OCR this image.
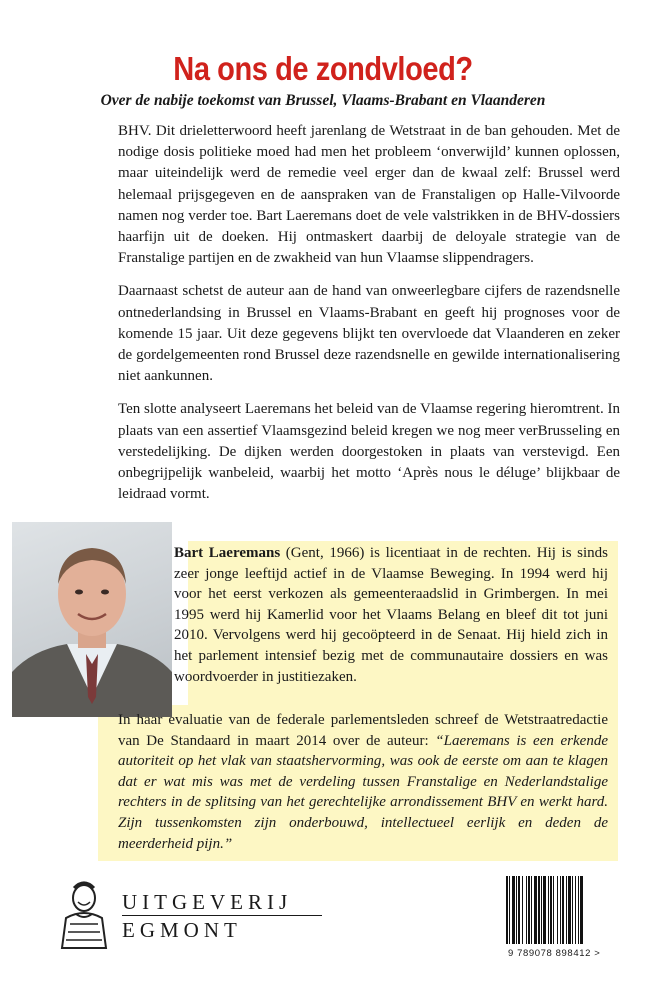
Na ons de zondvloed?
Over de nabije toekomst van Brussel, Vlaams-Brabant en Vlaanderen

BHV. Dit drieletterwoord heeft jarenlang de Wetstraat in de ban gehouden. Met de nodige dosis politieke moed had men het probleem ‘onverwijld’ kunnen oplossen, maar uiteindelijk werd de remedie veel erger dan de kwaal zelf: Brussel werd helemaal prijsgegeven en de aanspraken van de Franstaligen op Halle-Vilvoorde namen nog verder toe. Bart Laeremans doet de vele valstrikken in de BHV-dossiers haarfijn uit de doeken. Hij ontmaskert daarbij de deloyale strategie van de Franstalige partijen en de zwakheid van hun Vlaamse slippendragers.

Daarnaast schetst de auteur aan de hand van onweerlegbare cijfers de razendsnelle ontnederlandsing in Brussel en Vlaams-Brabant en geeft hij prognoses voor de komende 15 jaar. Uit deze gegevens blijkt ten overvloede dat Vlaanderen en zeker de gordelgemeenten rond Brussel deze razendsnelle en gewilde internationalisering niet aankunnen.

Ten slotte analyseert Laeremans het beleid van de Vlaamse regering hieromtrent. In plaats van een assertief Vlaamsgezind beleid kregen we nog meer verBrusseling en verstedelijking. De dijken werden doorgestoken in plaats van verstevigd. Een onbegrijpelijk wanbeleid, waarbij het motto ‘Après nous le déluge’ blijkbaar de leidraad vormt.

Bart Laeremans (Gent, 1966) is licentiaat in de rechten. Hij is sinds zeer jonge leeftijd actief in de Vlaamse Beweging. In 1994 werd hij voor het eerst verkozen als gemeenteraadslid in Grimbergen. In mei 1995 werd hij Kamerlid voor het Vlaams Belang en bleef dit tot juni 2010. Vervolgens werd hij gecoöpteerd in de Senaat. Hij hield zich in het parlement intensief bezig met de communautaire dossiers en was woordvoerder in justitiezaken.
In haar evaluatie van de federale parlementsleden schreef de Wetstraatredactie van De Standaard in maart 2014 over de auteur: “Laeremans is een erkende autoriteit op het vlak van staatshervorming, was ook de eerste om aan te klagen dat er wat mis was met de verdeling tussen Franstalige en Nederlandstalige rechters in de splitsing van het gerechtelijke arrondissement BHV en werkt hard. Zijn tussenkomsten zijn onderbouwd, intellectueel eerlijk en deden de meerderheid pijn.”
UITGEVERIJ
EGMONT
9 789078 898412 >
